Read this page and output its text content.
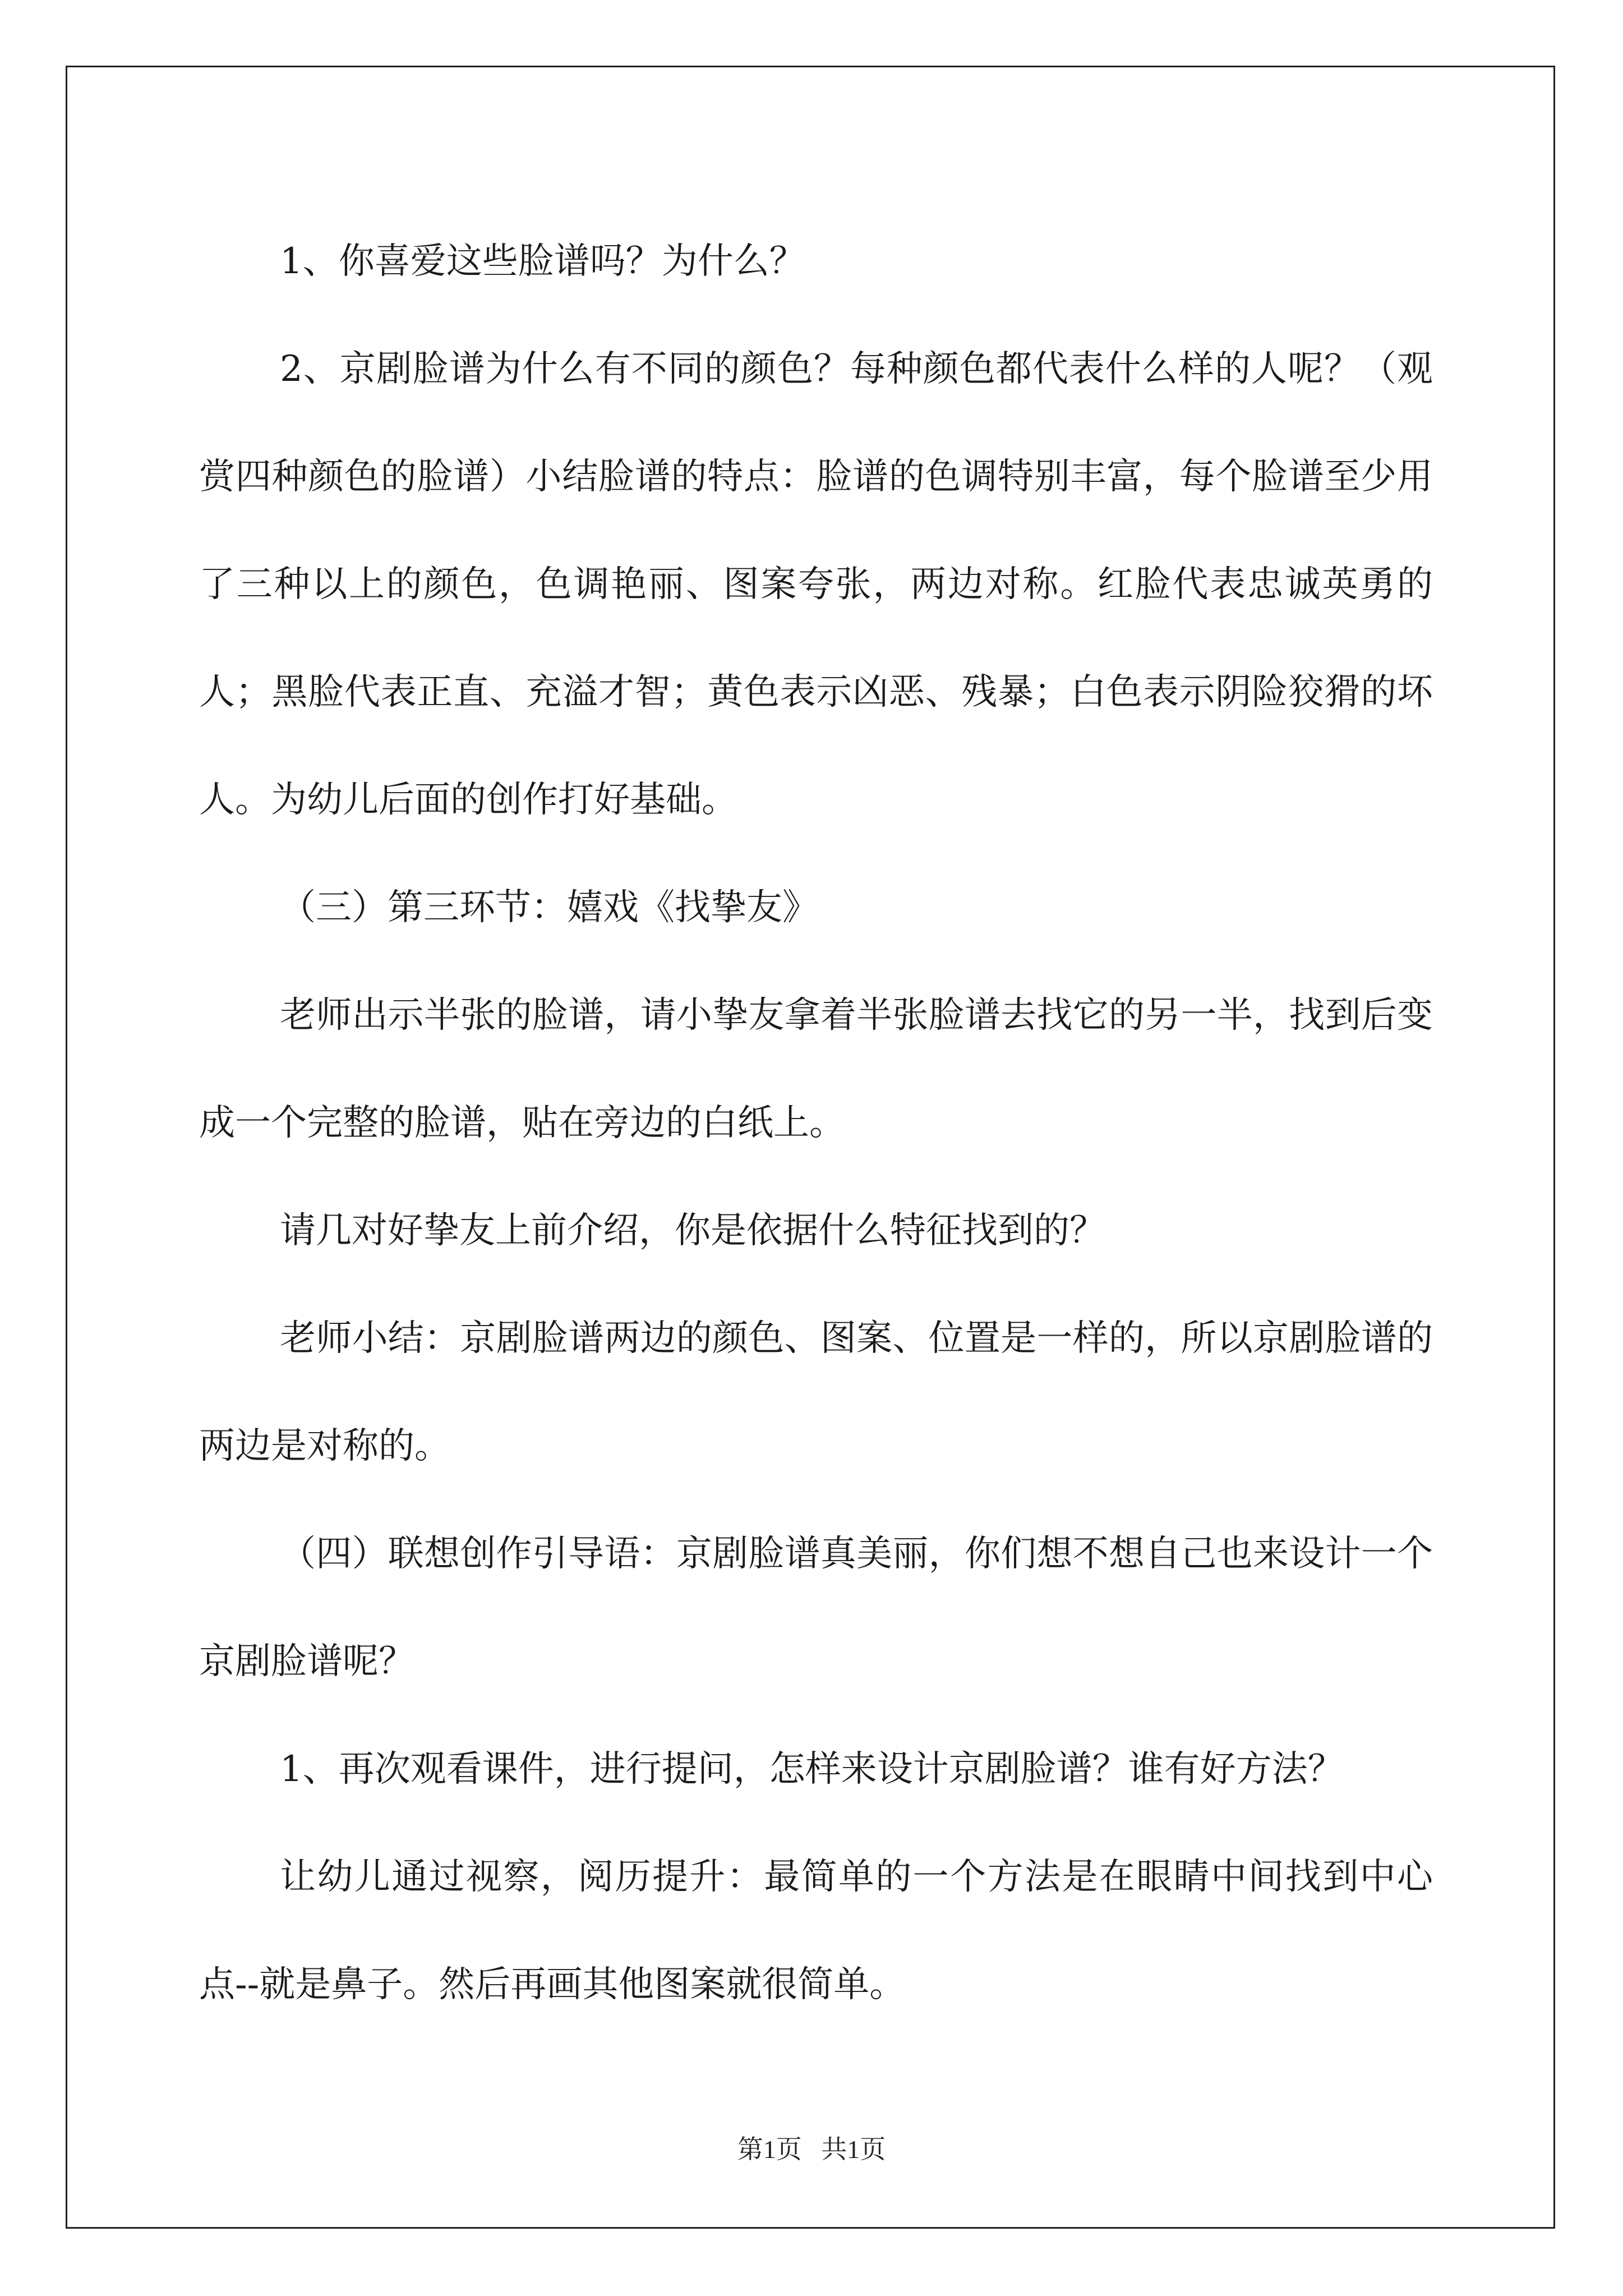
1、你喜爱这些脸谱吗？为什么？

2、京剧脸谱为什么有不同的颜色？每种颜色都代表什么样的人呢？（观赏四种颜色的脸谱）小结脸谱的特点：脸谱的色调特别丰富，每个脸谱至少用了三种以上的颜色，色调艳丽、图案夸张，两边对称。红脸代表忠诚英勇的人；黑脸代表正直、充溢才智；黄色表示凶恶、残暴；白色表示阴险狡猾的坏人。为幼儿后面的创作打好基础。

（三）第三环节：嬉戏《找挚友》

老师出示半张的脸谱，请小挚友拿着半张脸谱去找它的另一半，找到后变成一个完整的脸谱，贴在旁边的白纸上。

请几对好挚友上前介绍，你是依据什么特征找到的？

老师小结：京剧脸谱两边的颜色、图案、位置是一样的，所以京剧脸谱的两边是对称的。

（四）联想创作引导语：京剧脸谱真美丽，你们想不想自己也来设计一个京剧脸谱呢？

1、再次观看课件，进行提问，怎样来设计京剧脸谱？谁有好方法？

让幼儿通过视察，阅历提升：最简单的一个方法是在眼睛中间找到中心点--就是鼻子。然后再画其他图案就很简单。

第1页   共1页
